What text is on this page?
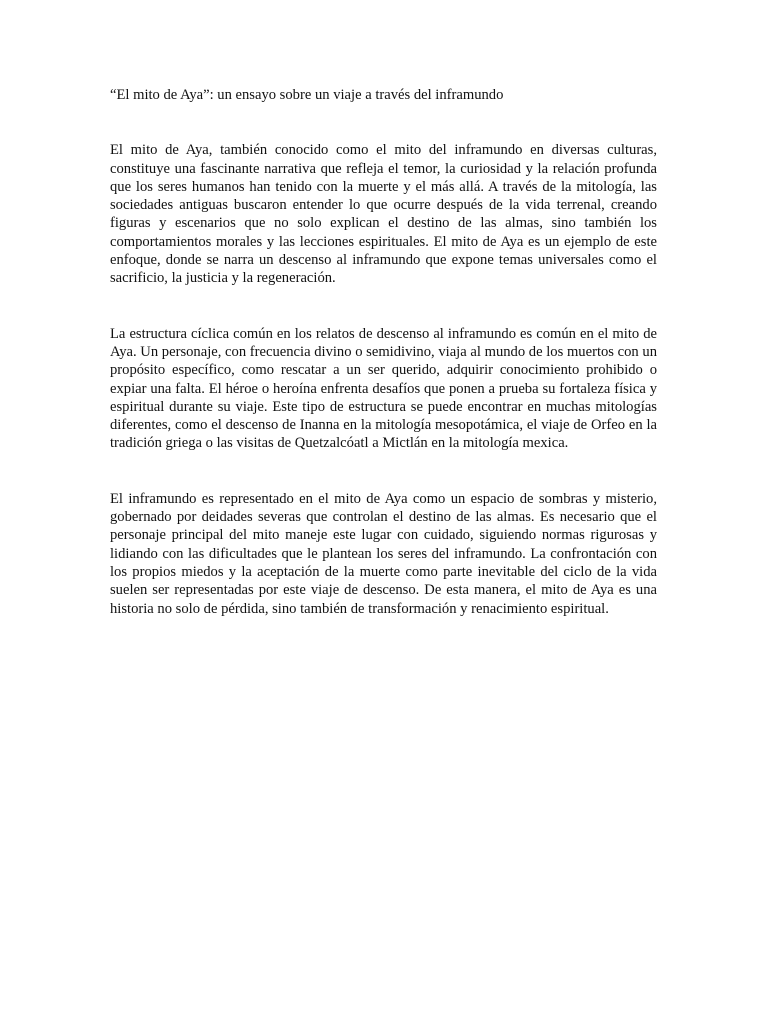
“El mito de Aya”: un ensayo sobre un viaje a través del inframundo

El mito de Aya, también conocido como el mito del inframundo en diversas culturas, constituye una fascinante narrativa que refleja el temor, la curiosidad y la relación profunda que los seres humanos han tenido con la muerte y el más allá. A través de la mitología, las sociedades antiguas buscaron entender lo que ocurre después de la vida terrenal, creando figuras y escenarios que no solo explican el destino de las almas, sino también los comportamientos morales y las lecciones espirituales. El mito de Aya es un ejemplo de este enfoque, donde se narra un descenso al inframundo que expone temas universales como el sacrificio, la justicia y la regeneración.

La estructura cíclica común en los relatos de descenso al inframundo es común en el mito de Aya. Un personaje, con frecuencia divino o semidivino, viaja al mundo de los muertos con un propósito específico, como rescatar a un ser querido, adquirir conocimiento prohibido o expiar una falta. El héroe o heroína enfrenta desafíos que ponen a prueba su fortaleza física y espiritual durante su viaje. Este tipo de estructura se puede encontrar en muchas mitologías diferentes, como el descenso de Inanna en la mitología mesopotámica, el viaje de Orfeo en la tradición griega o las visitas de Quetzalcóatl a Mictlán en la mitología mexica.

El inframundo es representado en el mito de Aya como un espacio de sombras y misterio, gobernado por deidades severas que controlan el destino de las almas. Es necesario que el personaje principal del mito maneje este lugar con cuidado, siguiendo normas rigurosas y lidiando con las dificultades que le plantean los seres del inframundo. La confrontación con los propios miedos y la aceptación de la muerte como parte inevitable del ciclo de la vida suelen ser representadas por este viaje de descenso. De esta manera, el mito de Aya es una historia no solo de pérdida, sino también de transformación y renacimiento espiritual.
